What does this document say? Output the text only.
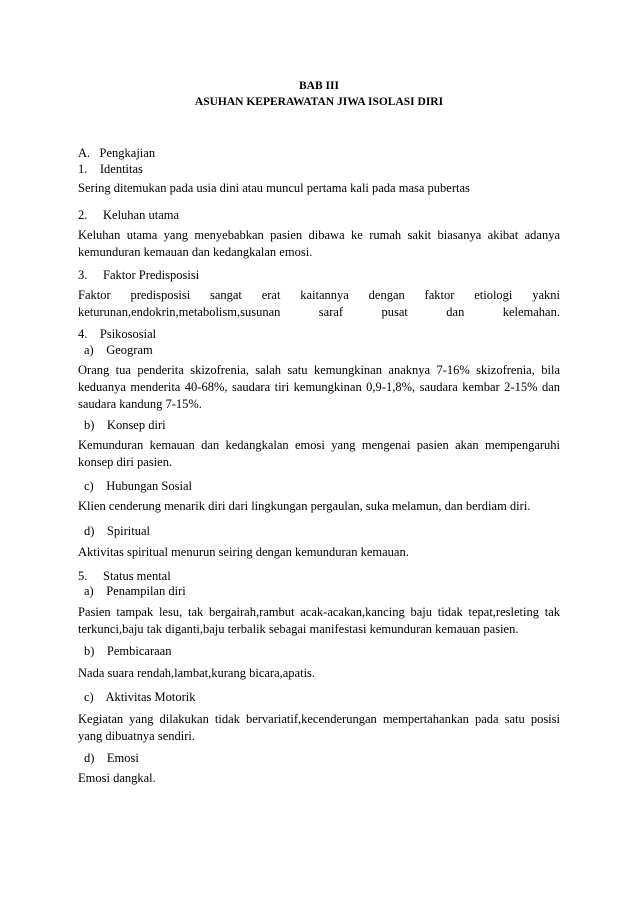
BAB III
ASUHAN KEPERAWATAN JIWA ISOLASI DIRI
A.   Pengkajian
1.    Identitas
Sering ditemukan pada usia dini atau muncul pertama kali pada masa pubertas
2.     Keluhan utama
Keluhan utama yang menyebabkan pasien dibawa ke rumah sakit biasanya akibat adanya kemunduran kemauan dan kedangkalan emosi.
3.     Faktor Predisposisi
Faktor predisposisi sangat erat kaitannya dengan faktor etiologi yakni keturunan,endokrin,metabolism,susunan saraf pusat dan kelemahan.
4.    Psikososial
a)    Geogram
Orang tua penderita skizofrenia, salah satu kemungkinan anaknya 7-16% skizofrenia, bila keduanya menderita 40-68%, saudara tiri kemungkinan 0,9-1,8%, saudara kembar 2-15% dan saudara kandung 7-15%.
b)    Konsep diri
Kemunduran kemauan dan kedangkalan emosi yang mengenai pasien akan mempengaruhi konsep diri pasien.
c)    Hubungan Sosial
Klien cenderung menarik diri dari lingkungan pergaulan, suka melamun, dan berdiam diri.
d)    Spiritual
Aktivitas spiritual menurun seiring dengan kemunduran kemauan.
5.     Status mental
a)    Penampilan diri
Pasien tampak lesu, tak bergairah,rambut acak-acakan,kancing baju tidak tepat,resleting tak terkunci,baju tak diganti,baju terbalik sebagai manifestasi kemunduran kemauan pasien.
b)    Pembicaraan
Nada suara rendah,lambat,kurang bicara,apatis.
c)    Aktivitas Motorik
Kegiatan yang dilakukan tidak bervariatif,kecenderungan mempertahankan pada satu posisi yang dibuatnya sendiri.
d)    Emosi
Emosi dangkal.
